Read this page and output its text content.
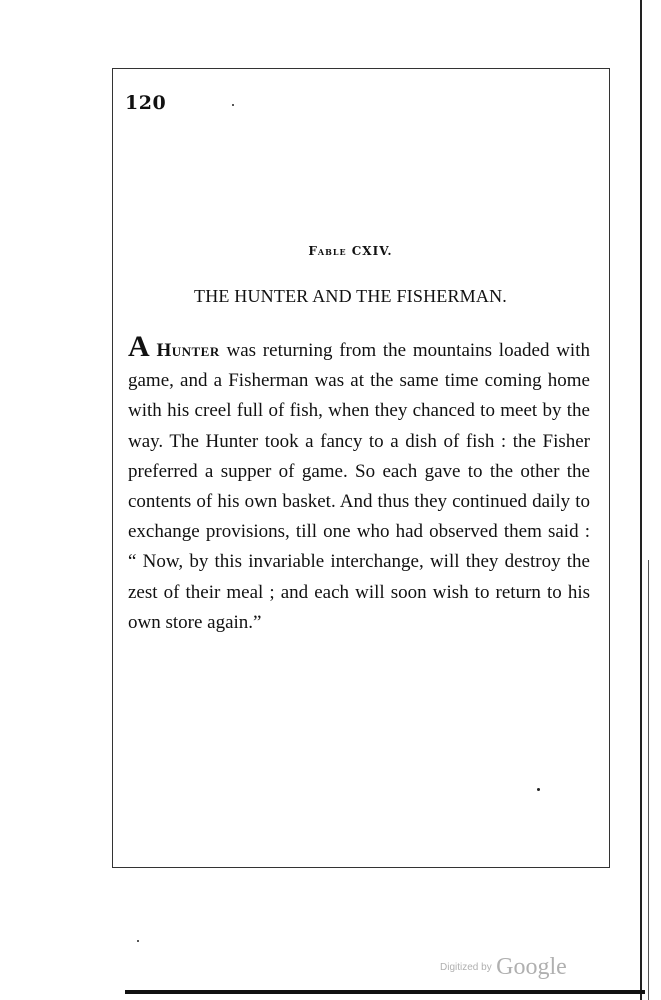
120
Fable CXIV.
THE HUNTER AND THE FISHERMAN.
A Hunter was returning from the mountains loaded with game, and a Fisherman was at the same time coming home with his creel full of fish, when they chanced to meet by the way. The Hunter took a fancy to a dish of fish : the Fisher preferred a supper of game. So each gave to the other the contents of his own basket. And thus they continued daily to exchange provisions, till one who had observed them said : “ Now, by this invariable interchange, will they destroy the zest of their meal ; and each will soon wish to return to his own store again.”
Digitized by Google
